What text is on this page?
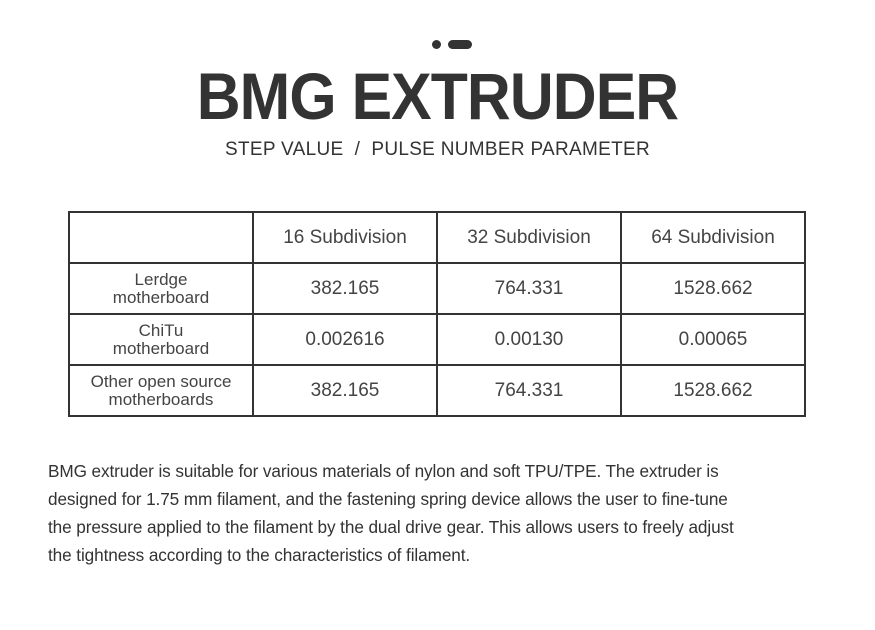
BMG EXTRUDER
STEP VALUE  /  PULSE NUMBER PARAMETER
	16 Subdivision	32 Subdivision	64 Subdivision

Lerdge
motherboard	382.165	764.331	1528.662

ChiTu
motherboard	0.002616	0.00130	0.00065

Other open source
motherboards	382.165	764.331	1528.662
BMG extruder is suitable for various materials of nylon and soft TPU/TPE. The extruder is
designed for 1.75 mm filament, and the fastening spring device allows the user to fine-tune
the pressure applied to the filament by the dual drive gear. This allows users to freely adjust
the tightness according to the characteristics of filament.
